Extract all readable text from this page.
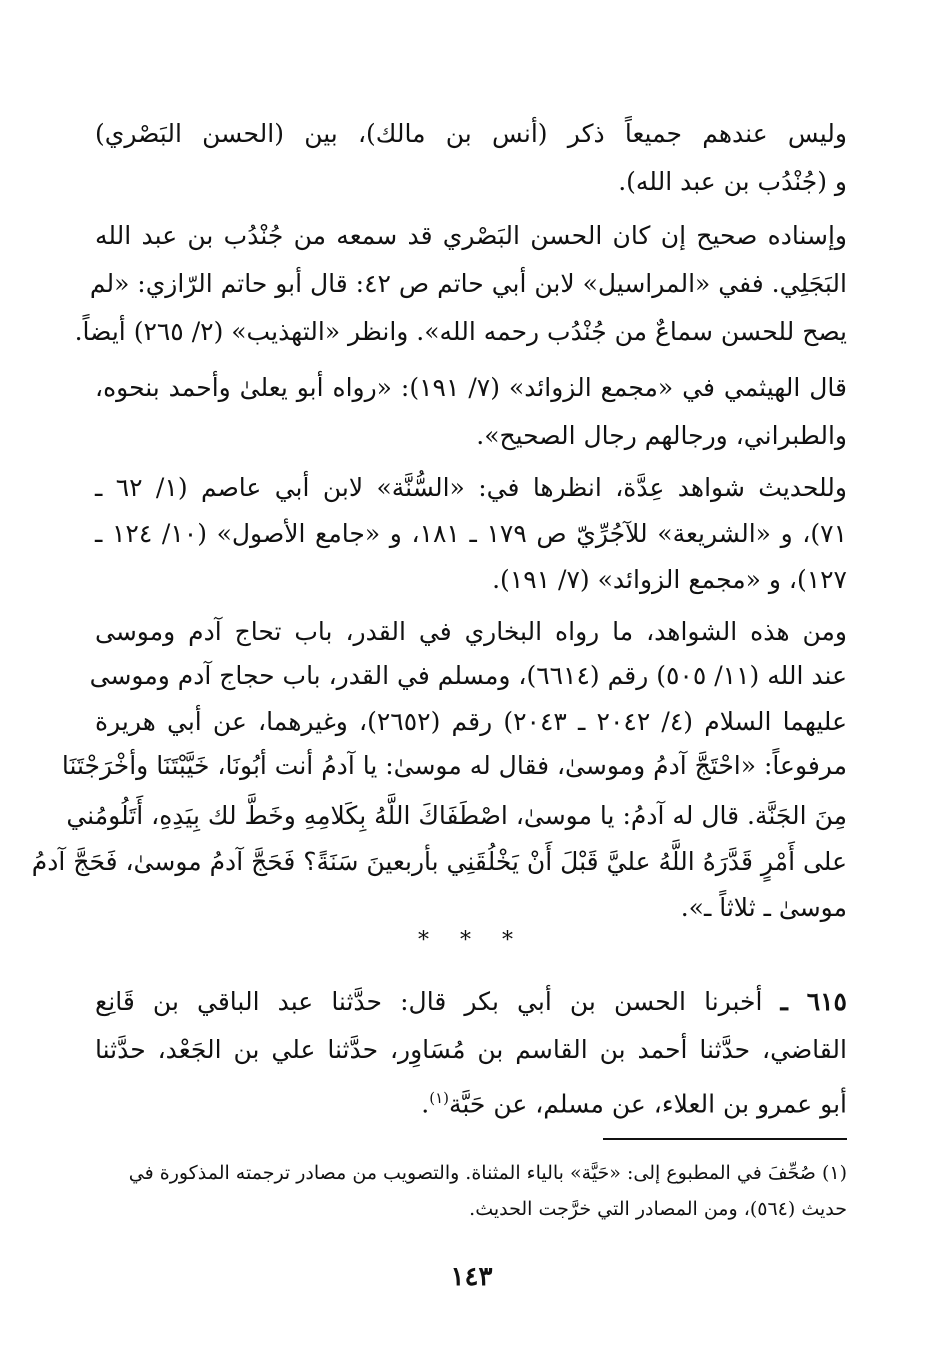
وليس عندهم جميعاً ذكر (أنس بن مالك)، بين (الحسن البَصْري)
و (جُنْدُب بن عبد الله).
وإسناده صحيح إن كان الحسن البَصْري قد سمعه من جُنْدُب بن عبد الله
البَجَلِي. ففي «المراسيل» لابن أبي حاتم ص ٤٢: قال أبو حاتم الرّازي: «لم
يصح للحسن سماعٌ من جُنْدُب رحمه الله». وانظر «التهذيب» (٢/ ٢٦٥) أيضاً.
قال الهيثمي في «مجمع الزوائد» (٧/ ١٩١): «رواه أبو يعلىٰ وأحمد بنحوه،
والطبراني، ورجالهم رجال الصحيح».
وللحديث شواهد عِدَّة، انظرها في: «السُّنَّة» لابن أبي عاصم (١/ ٦٢ ـ
٧١)، و «الشريعة» للآجُرِّيّ ص ١٧٩ ـ ١٨١، و «جامع الأصول» (١٠/ ١٢٤ ـ
١٢٧)، و «مجمع الزوائد» (٧/ ١٩١).
ومن هذه الشواهد، ما رواه البخاري في القدر، باب تحاج آدم وموسى
عند الله (١١/ ٥٠٥) رقم (٦٦١٤)، ومسلم في القدر، باب حجاج آدم وموسى
عليهما السلام (٤/ ٢٠٤٢ ـ ٢٠٤٣) رقم (٢٦٥٢)، وغيرهما، عن أبي هريرة
مرفوعاً: «احْتَجَّ آدمُ وموسىٰ، فقال له موسىٰ: يا آدمُ أنت أبُونَا، خَيَّبْتَنَا وأخْرَجْتَنَا
مِنَ الجَنَّة. قال له آدمُ: يا موسىٰ، اصْطَفَاكَ اللَّهُ بِكَلامِهِ وخَطَّ لك بِيَدِهِ، أَتَلُومُني
على أَمْرٍ قَدَّرَهُ اللَّهُ عليَّ قَبْلَ أَنْ يَخْلُقَنِي بأربعينَ سَنَةً؟ فَحَجَّ آدمُ موسىٰ، فَحَجَّ آدمُ
موسىٰ ـ ثلاثاً ـ».
* * *
٦١٥ ـ أخبرنا الحسن بن أبي بكر قال: حدَّثنا عبد الباقي بن قَانِع
القاضي، حدَّثنا أحمد بن القاسم بن مُسَاوِر، حدَّثنا علي بن الجَعْد، حدَّثنا
أبو عمرو بن العلاء، عن مسلم، عن حَبَّة$^{(١)}$.
(١) صُحِّفَ في المطبوع إلى: «حَيَّة» بالياء المثناة. والتصويب من مصادر ترجمته المذكورة في
حديث (٥٦٤)، ومن المصادر التي خرَّجت الحديث.
١٤٣
